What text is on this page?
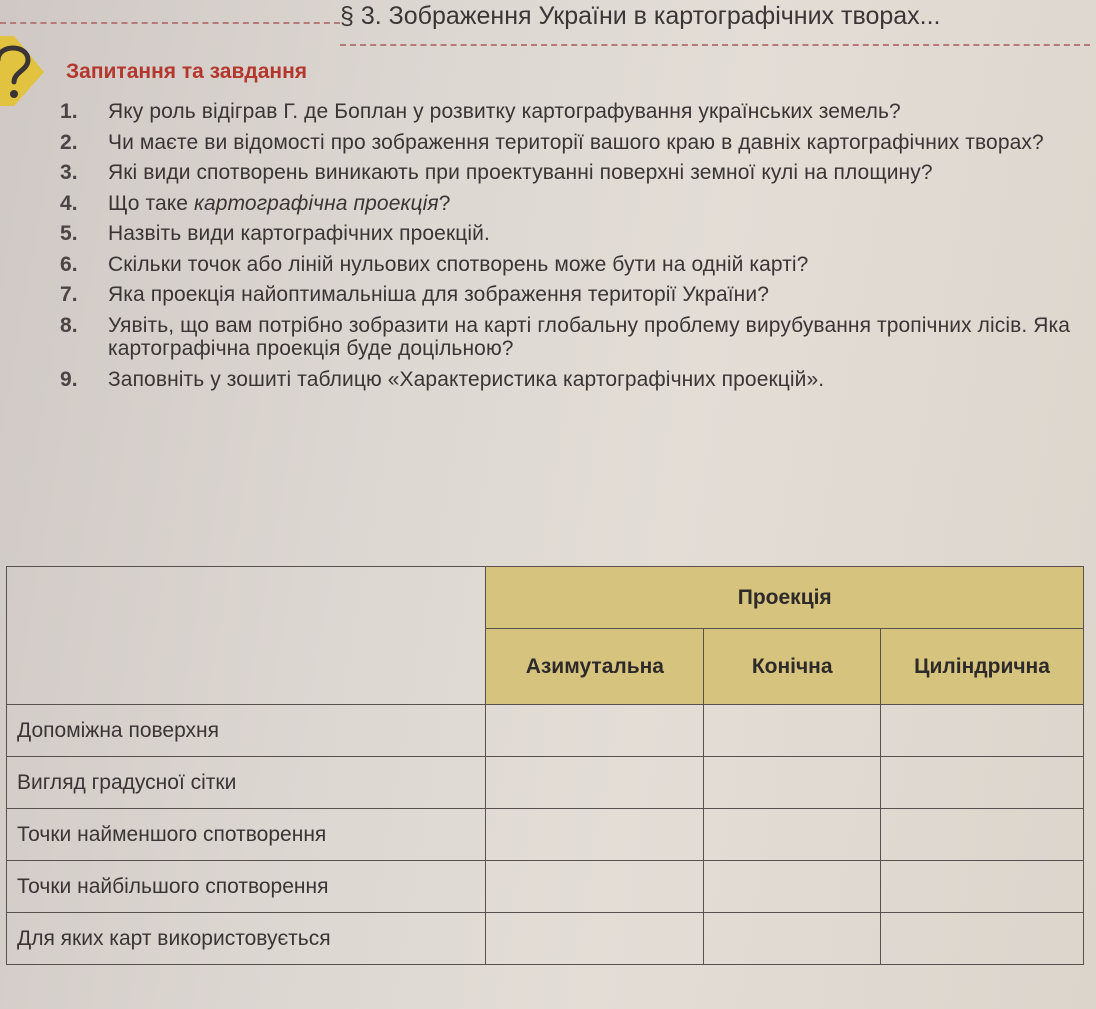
§ 3. Зображення України в картографічних творах...
Запитання та завдання
1. Яку роль відіграв Г. де Боплан у розвитку картографування українських земель?
2. Чи маєте ви відомості про зображення території вашого краю в давніх картографічних творах?
3. Які види спотворень виникають при проектуванні поверхні земної кулі на площину?
4. Що таке картографічна проекція?
5. Назвіть види картографічних проекцій.
6. Скільки точок або ліній нульових спотворень може бути на одній карті?
7. Яка проекція найоптимальніша для зображення території України?
8. Уявіть, що вам потрібно зобразити на карті глобальну проблему вирубування тропічних лісів. Яка картографічна проекція буде доцільною?
9. Заповніть у зошиті таблицю «Характеристика картографічних проекцій».
	Проекція		
	Азимутальна	Конічна	Циліндрична
Допоміжна поверхня			
Вигляд градусної сітки			
Точки найменшого спотворення			
Точки найбільшого спотворення			
Для яких карт використовується			
